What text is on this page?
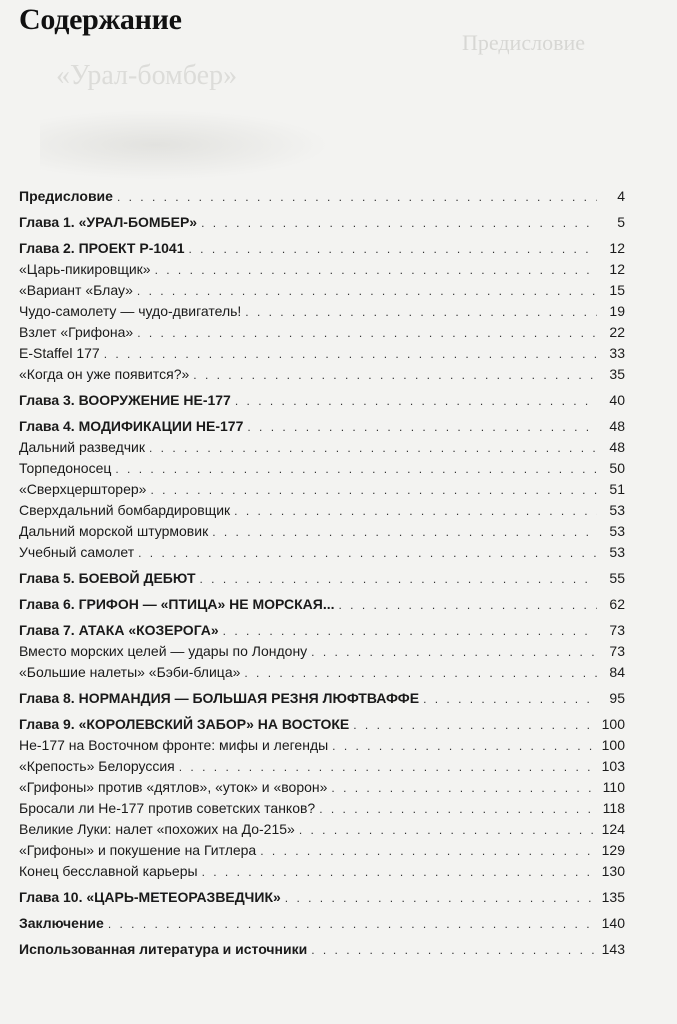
Предисловие
«Урал-бомбер»
Содержание
Предисловие . . .	4
Глава 1. «УРАЛ-БОМБЕР» . . .	5
Глава 2. ПРОЕКТ P-1041 . . .	12
«Царь-пикировщик» . . .	12
«Вариант «Блау» . . .	15
Чудо-самолету — чудо-двигатель! . . .	19
Взлет «Грифона» . . .	22
E-Staffel 177 . . .	33
«Когда он уже появится?» . . .	35
Глава 3. ВООРУЖЕНИЕ HE-177 . . .	40
Глава 4. МОДИФИКАЦИИ HE-177 . . .	48
Дальний разведчик . . .	48
Торпедоносец . . .	50
«Сверхцершторер» . . .	51
Сверхдальний бомбардировщик . . .	53
Дальний морской штурмовик . . .	53
Учебный самолет . . .	53
Глава 5. БОЕВОЙ ДЕБЮТ . . .	55
Глава 6. ГРИФОН — «ПТИЦА» НЕ МОРСКАЯ... . . .	62
Глава 7. АТАКА «КОЗЕРОГА» . . .	73
Вместо морских целей — удары по Лондону . . .	73
«Большие налеты» «Бэби-блица» . . .	84
Глава 8. НОРМАНДИЯ — БОЛЬШАЯ РЕЗНЯ ЛЮФТВАФФЕ . . .	95
Глава 9. «КОРОЛЕВСКИЙ ЗАБОР» НА ВОСТОКЕ . . .	100
He-177 на Восточном фронте: мифы и легенды . . .	100
«Крепость» Белоруссия . . .	103
«Грифоны» против «дятлов», «уток» и «ворон» . . .	110
Бросали ли He-177 против советских танков? . . .	118
Великие Луки: налет «похожих на До-215» . . .	124
«Грифоны» и покушение на Гитлера . . .	129
Конец бесславной карьеры . . .	130
Глава 10. «ЦАРЬ-МЕТЕОРАЗВЕДЧИК» . . .	135
Заключение . . .	140
Использованная литература и источники . . .	143
